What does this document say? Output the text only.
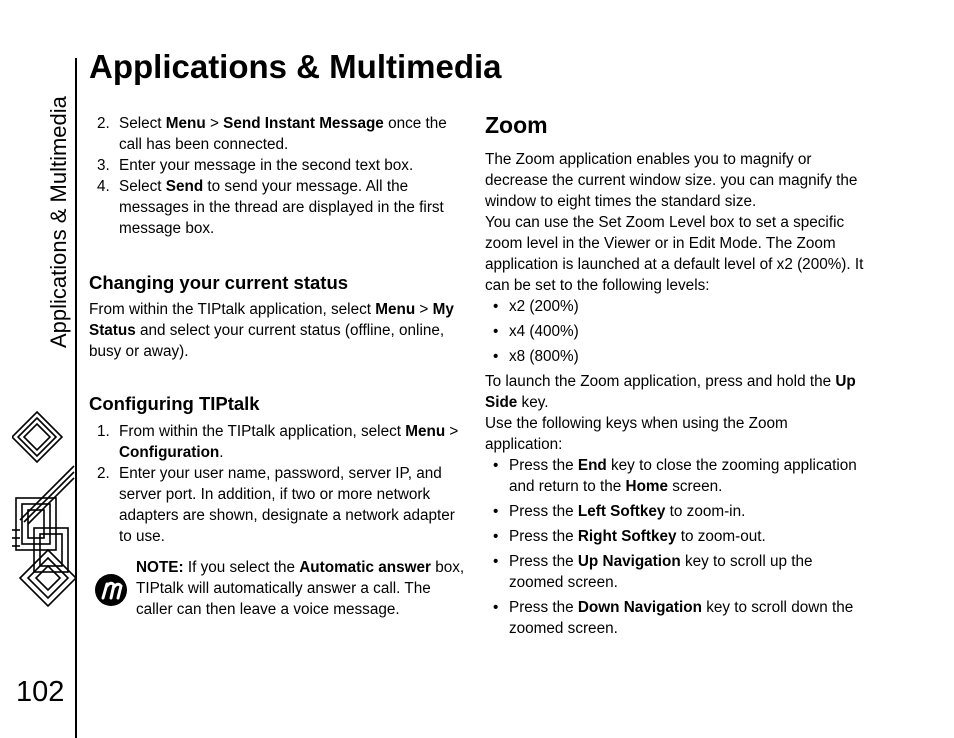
Applications & Multimedia
102
Applications & Multimedia
2. Select Menu > Send Instant Message once the call has been connected.
3. Enter your message in the second text box.
4. Select Send to send your message. All the messages in the thread are displayed in the first message box.
Changing your current status

From within the TIPtalk application, select Menu > My Status and select your current status (offline, online, busy or away).

Configuring TIPtalk
1. From within the TIPtalk application, select Menu > Configuration.
2. Enter your user name, password, server IP, and server port. In addition, if two or more network adapters are shown, designate a network adapter to use.

NOTE: If you select the Automatic answer box, TIPtalk will automatically answer a call. The caller can then leave a voice message.

Zoom

The Zoom application enables you to magnify or decrease the current window size. you can magnify the window to eight times the standard size.

You can use the Set Zoom Level box to set a specific zoom level in the Viewer or in Edit Mode. The Zoom application is launched at a default level of x2 (200%). It can be set to the following levels:

• x2 (200%)
• x4 (400%)
• x8 (800%)

To launch the Zoom application, press and hold the Up Side key.

Use the following keys when using the Zoom application:

• Press the End key to close the zooming application and return to the Home screen.
• Press the Left Softkey to zoom-in.
• Press the Right Softkey to zoom-out.
• Press the Up Navigation key to scroll up the zoomed screen.
• Press the Down Navigation key to scroll down the zoomed screen.
